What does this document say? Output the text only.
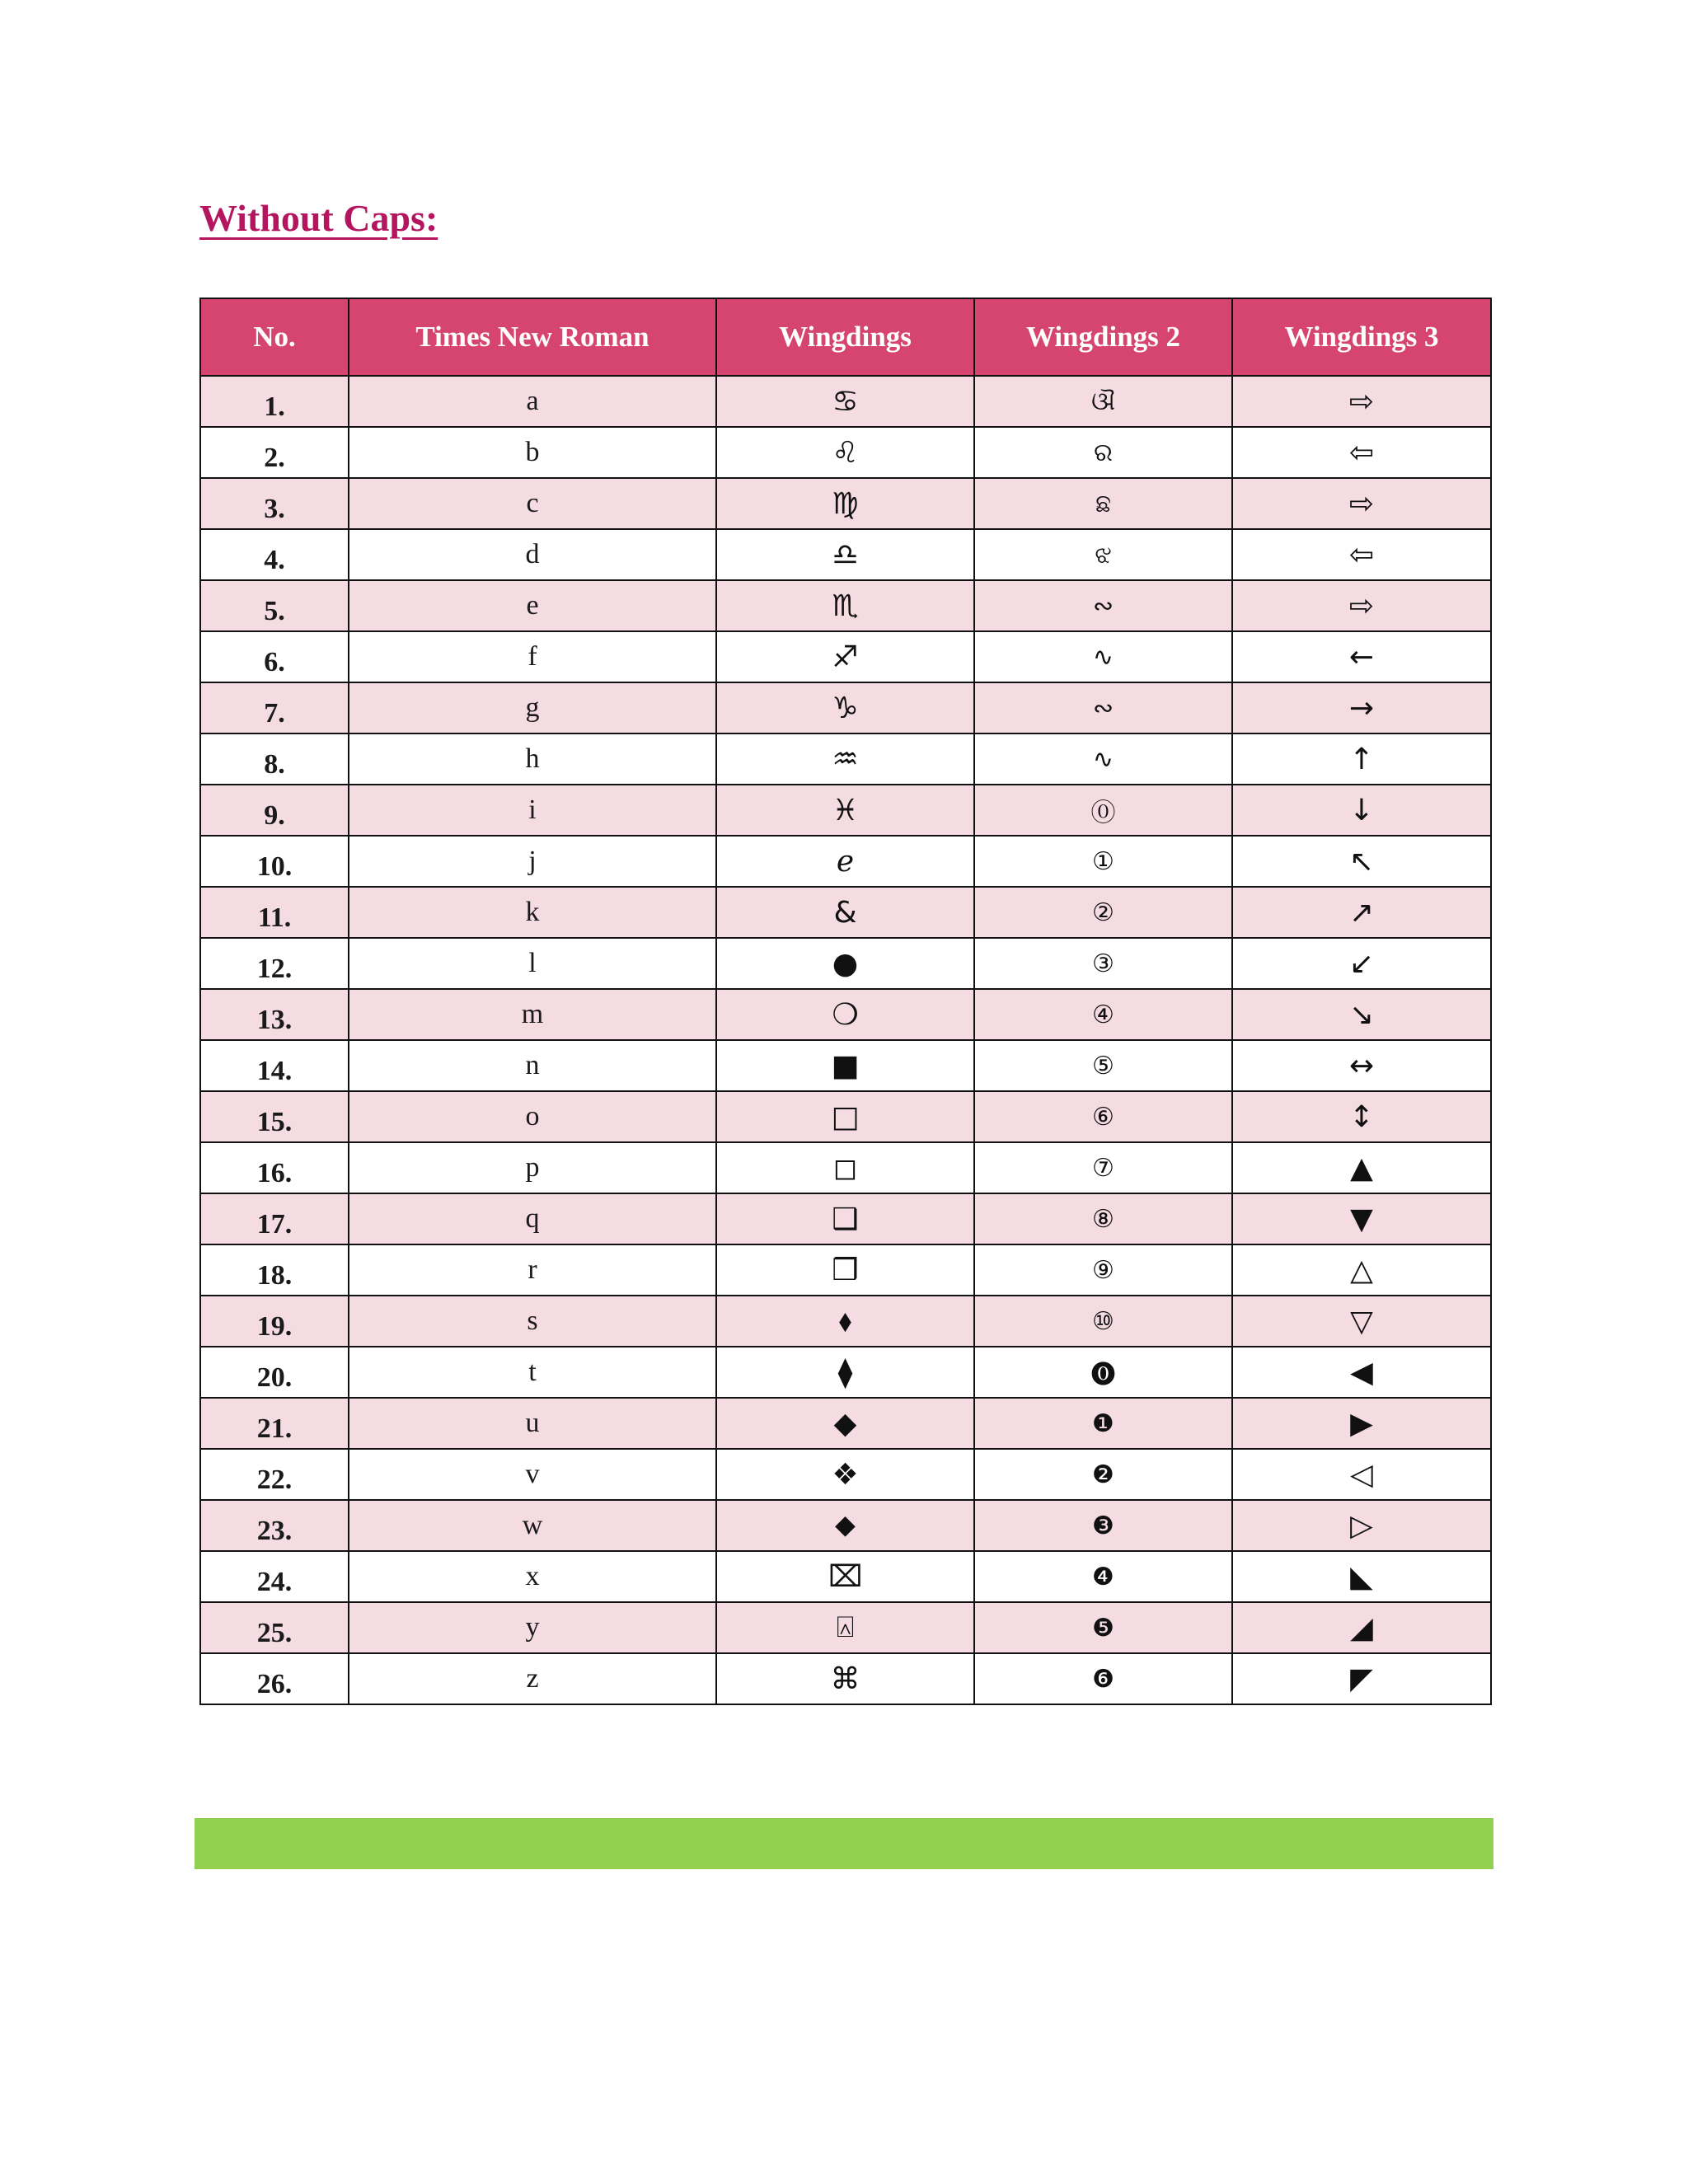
Without Caps:
No.	Times New Roman	Wingdings	Wingdings 2	Wingdings 3
1.	a	♋	ଔ	⇨
2.	b	♌	ର	⇦
3.	c	♍	ଛ	⇨
4.	d	♎	ଝ	⇦
5.	e	♏	∾	⇨
6.	f	♐	∿	←
7.	g	♑	∾	→
8.	h	♒	∿	↑
9.	i	♓	⓪	↓
10.	j	ℯ	①	↖
11.	k	&	②	↗
12.	l	●	③	↙
13.	m	❍	④	↘
14.	n	■	⑤	↔
15.	o	□	⑥	↕
16.	p	◻	⑦	▲
17.	q	❑	⑧	▼
18.	r	❒	⑨	△
19.	s	⬧	⑩	▽
20.	t	⧫	⓿	◀
21.	u	◆	❶	▶
22.	v	❖	❷	◁
23.	w	⬥	❸	▷
24.	x	⌧	❹	◣
25.	y	⍓	❺	◢
26.	z	⌘	❻	◤
